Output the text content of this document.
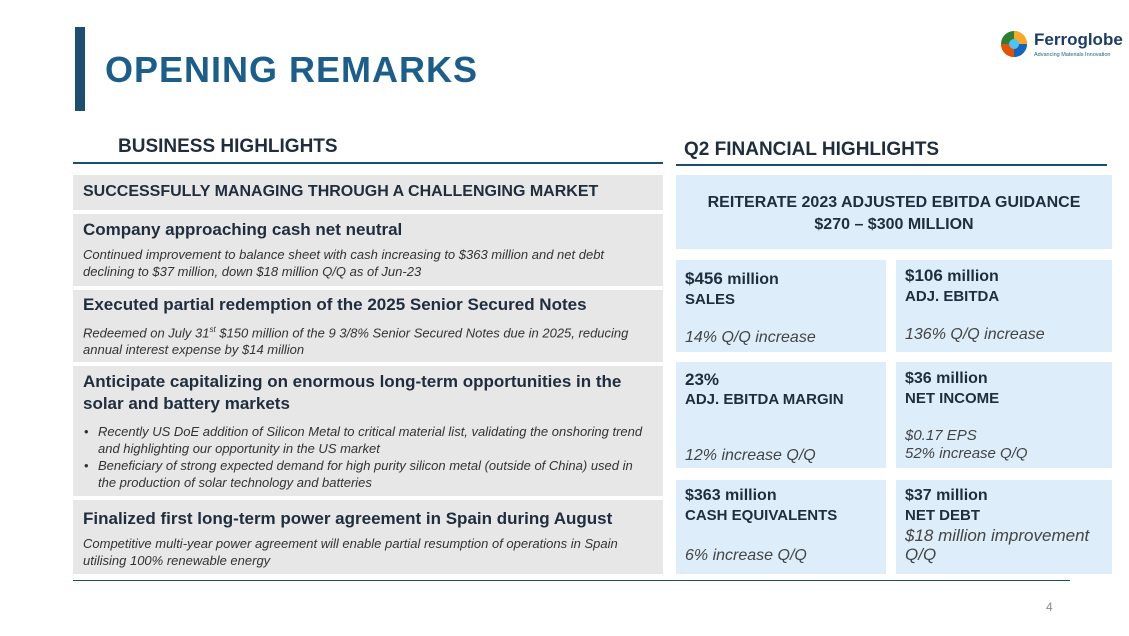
OPENING REMARKS
Ferroglobe
Advancing Materials Innovation
BUSINESS HIGHLIGHTS
SUCCESSFULLY MANAGING THROUGH A CHALLENGING MARKET
Company approaching cash net neutral
Continued improvement to balance sheet with cash increasing to $363 million and net debt declining to $37 million, down $18 million Q/Q as of Jun-23
Executed partial redemption of the 2025 Senior Secured Notes
Redeemed on July 31st $150 million of the 9 3/8% Senior Secured Notes due in 2025, reducing annual interest expense by $14 million
Anticipate capitalizing on enormous long-term opportunities in the solar and battery markets
• Recently US DoE addition of Silicon Metal to critical material list, validating the onshoring trend and highlighting our opportunity in the US market
• Beneficiary of strong expected demand for high purity silicon metal (outside of China) used in the production of solar technology and batteries
Finalized first long-term power agreement in Spain during August
Competitive multi-year power agreement will enable partial resumption of operations in Spain utilising 100% renewable energy
Q2 FINANCIAL HIGHLIGHTS
REITERATE 2023 ADJUSTED EBITDA GUIDANCE
$270 – $300 MILLION
$456 million
SALES
14% Q/Q increase
$106 million
ADJ. EBITDA
136% Q/Q increase
23%
ADJ. EBITDA MARGIN
12% increase Q/Q
$36 million
NET INCOME
$0.17 EPS
52% increase Q/Q
$363 million
CASH EQUIVALENTS
6% increase Q/Q
$37 million
NET DEBT
$18 million improvement Q/Q
4
